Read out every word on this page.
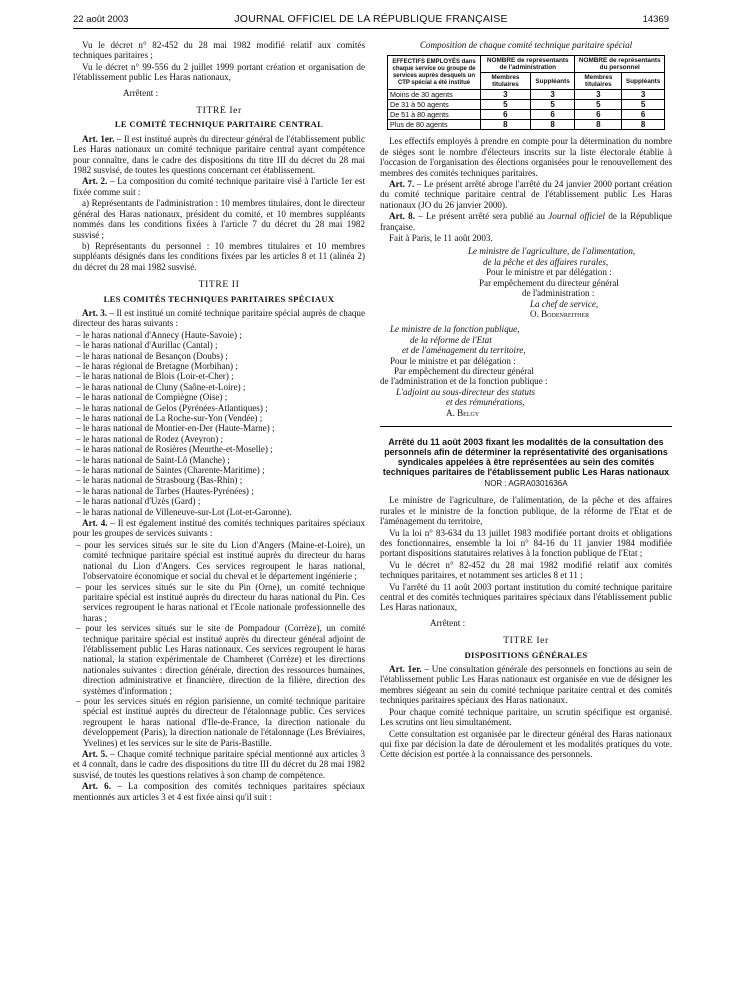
22 août 2003	JOURNAL OFFICIEL DE LA RÉPUBLIQUE FRANÇAISE	14369

Vu le décret n° 82-452 du 28 mai 1982 modifié relatif aux comités techniques paritaires ;

Vu le décret n° 99-556 du 2 juillet 1999 portant création et organisation de l'établissement public Les Haras nationaux,

Arrêtent :

TITRE Ier
LE COMITÉ TECHNIQUE PARITAIRE CENTRAL

Art. 1er. – Il est institué auprès du directeur général de l'établissement public Les Haras nationaux un comité technique paritaire central ayant compétence pour connaître, dans le cadre des dispositions du titre III du décret du 28 mai 1982 susvisé, de toutes les questions concernant cet établissement.

Art. 2. – La composition du comité technique paritaire visé à l'article 1er est fixée comme suit :

a) Représentants de l'administration : 10 membres titulaires, dont le directeur général des Haras nationaux, président du comité, et 10 membres suppléants nommés dans les conditions fixées à l'article 7 du décret du 28 mai 1982 susvisé ;

b) Représentants du personnel : 10 membres titulaires et 10 membres suppléants désignés dans les conditions fixées par les articles 8 et 11 (alinéa 2) du décret du 28 mai 1982 susvisé.

TITRE II
LES COMITÉS TECHNIQUES PARITAIRES SPÉCIAUX

Art. 3. – Il est institué un comité technique paritaire spécial auprès de chaque directeur des haras suivants :

– le haras national d'Annecy (Haute-Savoie) ;
– le haras national d'Aurillac (Cantal) ;
– le haras national de Besançon (Doubs) ;
– le haras régional de Bretagne (Morbihan) ;
– le haras national de Blois (Loir-et-Cher) ;
– le haras national de Cluny (Saône-et-Loire) ;
– le haras national de Compiègne (Oise) ;
– le haras national de Gelos (Pyrénées-Atlantiques) ;
– le haras national de La Roche-sur-Yon (Vendée) ;
– le haras national de Montier-en-Der (Haute-Marne) ;
– le haras national de Rodez (Aveyron) ;
– le haras national de Rosières (Meurthe-et-Moselle) ;
– le haras national de Saint-Lô (Manche) ;
– le haras national de Saintes (Charente-Maritime) ;
– le haras national de Strasbourg (Bas-Rhin) ;
– le haras national de Tarbes (Hautes-Pyrénées) ;
– le haras national d'Uzès (Gard) ;
– le haras national de Villeneuve-sur-Lot (Lot-et-Garonne).

Art. 4. – Il est également institué des comités techniques paritaires spéciaux pour les groupes de services suivants :

– pour les services situés sur le site du Lion d'Angers (Maine-et-Loire), un comité technique paritaire spécial est institué auprès du directeur du haras national du Lion d'Angers. Ces services regroupent le haras national, l'observatoire économique et social du cheval et le département ingénierie ;
– pour les services situés sur le site du Pin (Orne), un comité technique paritaire spécial est institué auprès du directeur du haras national du Pin. Ces services regroupent le haras national et l'Ecole nationale professionnelle des haras ;
– pour les services situés sur le site de Pompadour (Corrèze), un comité technique paritaire spécial est institué auprès du directeur général adjoint de l'établissement public Les Haras nationaux. Ces services regroupent le haras national, la station expérimentale de Chamberet (Corrèze) et les directions nationales suivantes : direction générale, direction des ressources humaines, direction administrative et financière, direction de la filière, direction des systèmes d'information ;
– pour les services situés en région parisienne, un comité technique paritaire spécial est institué auprès du directeur de l'étalonnage public. Ces services regroupent le haras national d'Ile-de-France, la direction nationale du développement (Paris), la direction nationale de l'étalonnage (Les Bréviaires, Yvelines) et les services sur le site de Paris-Bastille.

Art. 5. – Chaque comité technique paritaire spécial mentionné aux articles 3 et 4 connaît, dans le cadre des dispositions du titre III du décret du 28 mai 1982 susvisé, de toutes les questions relatives à son champ de compétence.

Art. 6. – La composition des comités techniques paritaires spéciaux mentionnés aux articles 3 et 4 est fixée ainsi qu'il suit :

Composition de chaque comité technique paritaire spécial
EFFECTIFS EMPLOYÉS dans chaque service ou groupe de services auprès desquels un CTP spécial a été institué	NOMBRE de représentants de l'administration		NOMBRE de représentants du personnel	
	Membres titulaires	Suppléants	Membres titulaires	Suppléants
Moins de 30 agents	3	3	3	3
De 31 à 50 agents	5	5	5	5
De 51 à 80 agents	6	6	6	6
Plus de 80 agents	8	8	8	8

Les effectifs employés à prendre en compte pour la détermination du nombre de sièges sont le nombre d'électeurs inscrits sur la liste électorale établie à l'occasion de l'organisation des élections organisées pour le renouvellement des membres des comités techniques paritaires.

Art. 7. – Le présent arrêté abroge l'arrêté du 24 janvier 2000 portant création du comité technique paritaire central de l'établissement public Les Haras nationaux (JO du 26 janvier 2000).

Art. 8. – Le présent arrêté sera publié au Journal officiel de la République française.

Fait à Paris, le 11 août 2003.

Le ministre de l'agriculture, de l'alimentation,
de la pêche et des affaires rurales,
Pour le ministre et par délégation :
Par empêchement du directeur général
de l'administration :
La chef de service,
O. Bodenreither
Le ministre de la fonction publique,
de la réforme de l'Etat
et de l'aménagement du territoire,
Pour le ministre et par délégation :
Par empêchement du directeur général
de l'administration et de la fonction publique :
L'adjoint au sous-directeur des statuts
et des rémunérations,
A. Belgy
Arrêté du 11 août 2003 fixant les modalités de la consultation des personnels afin de déterminer la représentativité des organisations syndicales appelées à être représentées au sein des comités techniques paritaires de l'établissement public Les Haras nationaux
NOR : AGRA0301636A

Le ministre de l'agriculture, de l'alimentation, de la pêche et des affaires rurales et le ministre de la fonction publique, de la réforme de l'Etat et de l'aménagement du territoire,

Vu la loi n° 83-634 du 13 juillet 1983 modifiée portant droits et obligations des fonctionnaires, ensemble la loi n° 84-16 du 11 janvier 1984 modifiée portant dispositions statutaires relatives à la fonction publique de l'Etat ;

Vu le décret n° 82-452 du 28 mai 1982 modifié relatif aux comités techniques paritaires, et notamment ses articles 8 et 11 ;

Vu l'arrêté du 11 août 2003 portant institution du comité technique paritaire central et des comités techniques paritaires spéciaux dans l'établissement public Les Haras nationaux,

Arrêtent :

TITRE Ier
DISPOSITIONS GÉNÉRALES

Art. 1er. – Une consultation générale des personnels en fonctions au sein de l'établissement public Les Haras nationaux est organisée en vue de désigner les membres siégeant au sein du comité technique paritaire central et des comités techniques paritaires spéciaux des Haras nationaux.

Pour chaque comité technique paritaire, un scrutin spécifique est organisé. Les scrutins ont lieu simultanément.

Cette consultation est organisée par le directeur général des Haras nationaux qui fixe par décision la date de déroulement et les modalités pratiques du vote. Cette décision est portée à la connaissance des personnels.
